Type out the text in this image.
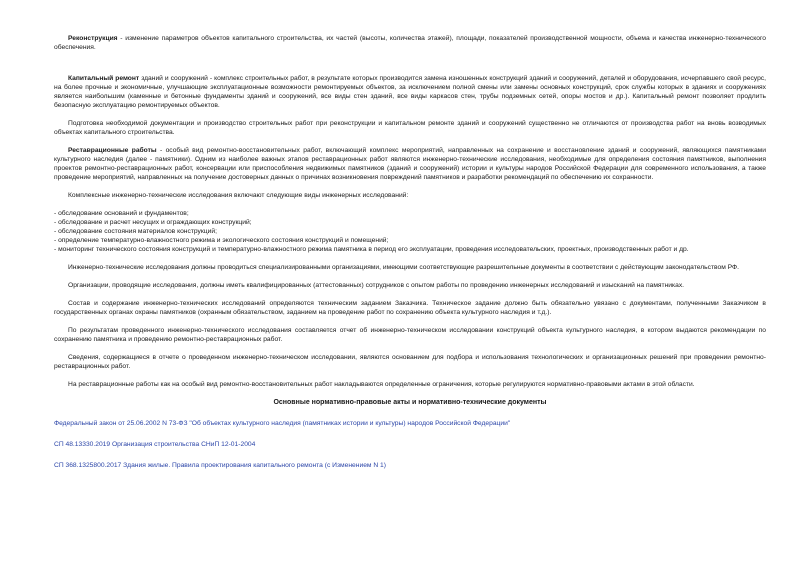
Реконструкция - изменение параметров объектов капитального строительства, их частей (высоты, количества этажей), площади, показателей производственной мощности, объема и качества инженерно-технического обеспечения.

Капитальный ремонт зданий и сооружений - комплекс строительных работ, в результате которых производится замена изношенных конструкций зданий и сооружений, деталей и оборудования, исчерпавшего свой ресурс, на более прочные и экономичные, улучшающие эксплуатационные возможности ремонтируемых объектов, за исключением полной смены или замены основных конструкций, срок службы которых в зданиях и сооружениях является наибольшим (каменные и бетонные фундаменты зданий и сооружений, все виды стен зданий, все виды каркасов стен, трубы подземных сетей, опоры мостов и др.). Капитальный ремонт позволяет продлить безопасную эксплуатацию ремонтируемых объектов.

Подготовка необходимой документации и производство строительных работ при реконструкции и капитальном ремонте зданий и сооружений существенно не отличаются от производства работ на вновь возводимых объектах капитального строительства.

Реставрационные работы - особый вид ремонтно-восстановительных работ, включающий комплекс мероприятий, направленных на сохранение и восстановление зданий и сооружений, являющихся памятниками культурного наследия (далее - памятники). Одним из наиболее важных этапов реставрационных работ являются инженерно-технические исследования, необходимые для определения состояния памятников, выполнения проектов ремонтно-реставрационных работ, консервации или приспособления недвижимых памятников (зданий и сооружений) истории и культуры народов Российской Федерации для современного использования, а также проведение мероприятий, направленных на получение достоверных данных о причинах возникновения повреждений памятников и разработки рекомендаций по обеспечению их сохранности.

Комплексные инженерно-технические исследования включают следующие виды инженерных исследований:

- обследование оснований и фундаментов;

- обследование и расчет несущих и ограждающих конструкций;

- обследование состояния материалов конструкций;

- определение температурно-влажностного режима и экологического состояния конструкций и помещений;

- мониторинг технического состояния конструкций и температурно-влажностного режима памятника в период его эксплуатации, проведения исследовательских, проектных, производственных работ и др.

Инженерно-технические исследования должны проводиться специализированными организациями, имеющими соответствующие разрешительные документы в соответствии с действующим законодательством РФ.

Организации, проводящие исследования, должны иметь квалифицированных (аттестованных) сотрудников с опытом работы по проведению инженерных исследований и изысканий на памятниках.

Состав и содержание инженерно-технических исследований определяются техническим заданием Заказчика. Техническое задание должно быть обязательно увязано с документами, полученными Заказчиком в государственных органах охраны памятников (охранным обязательством, заданием на проведение работ по сохранению объекта культурного наследия и т.д.).

По результатам проведенного инженерно-технического исследования составляется отчет об инженерно-техническом исследовании конструкций объекта культурного наследия, в котором выдаются рекомендации по сохранению памятника и проведению ремонтно-реставрационных работ.

Сведения, содержащиеся в отчете о проведенном инженерно-техническом исследовании, являются основанием для подбора и использования технологических и организационных решений при проведении ремонтно-реставрационных работ.

На реставрационные работы как на особый вид ремонтно-восстановительных работ накладываются определенные ограничения, которые регулируются нормативно-правовыми актами в этой области.

Основные нормативно-правовые акты и нормативно-технические документы

Федеральный закон от 25.06.2002 N 73-ФЗ "Об объектах культурного наследия (памятниках истории и культуры) народов Российской Федерации"

СП 48.13330.2019 Организация строительства СНиП 12-01-2004

СП 368.1325800.2017 Здания жилые. Правила проектирования капитального ремонта (с Изменением N 1)
